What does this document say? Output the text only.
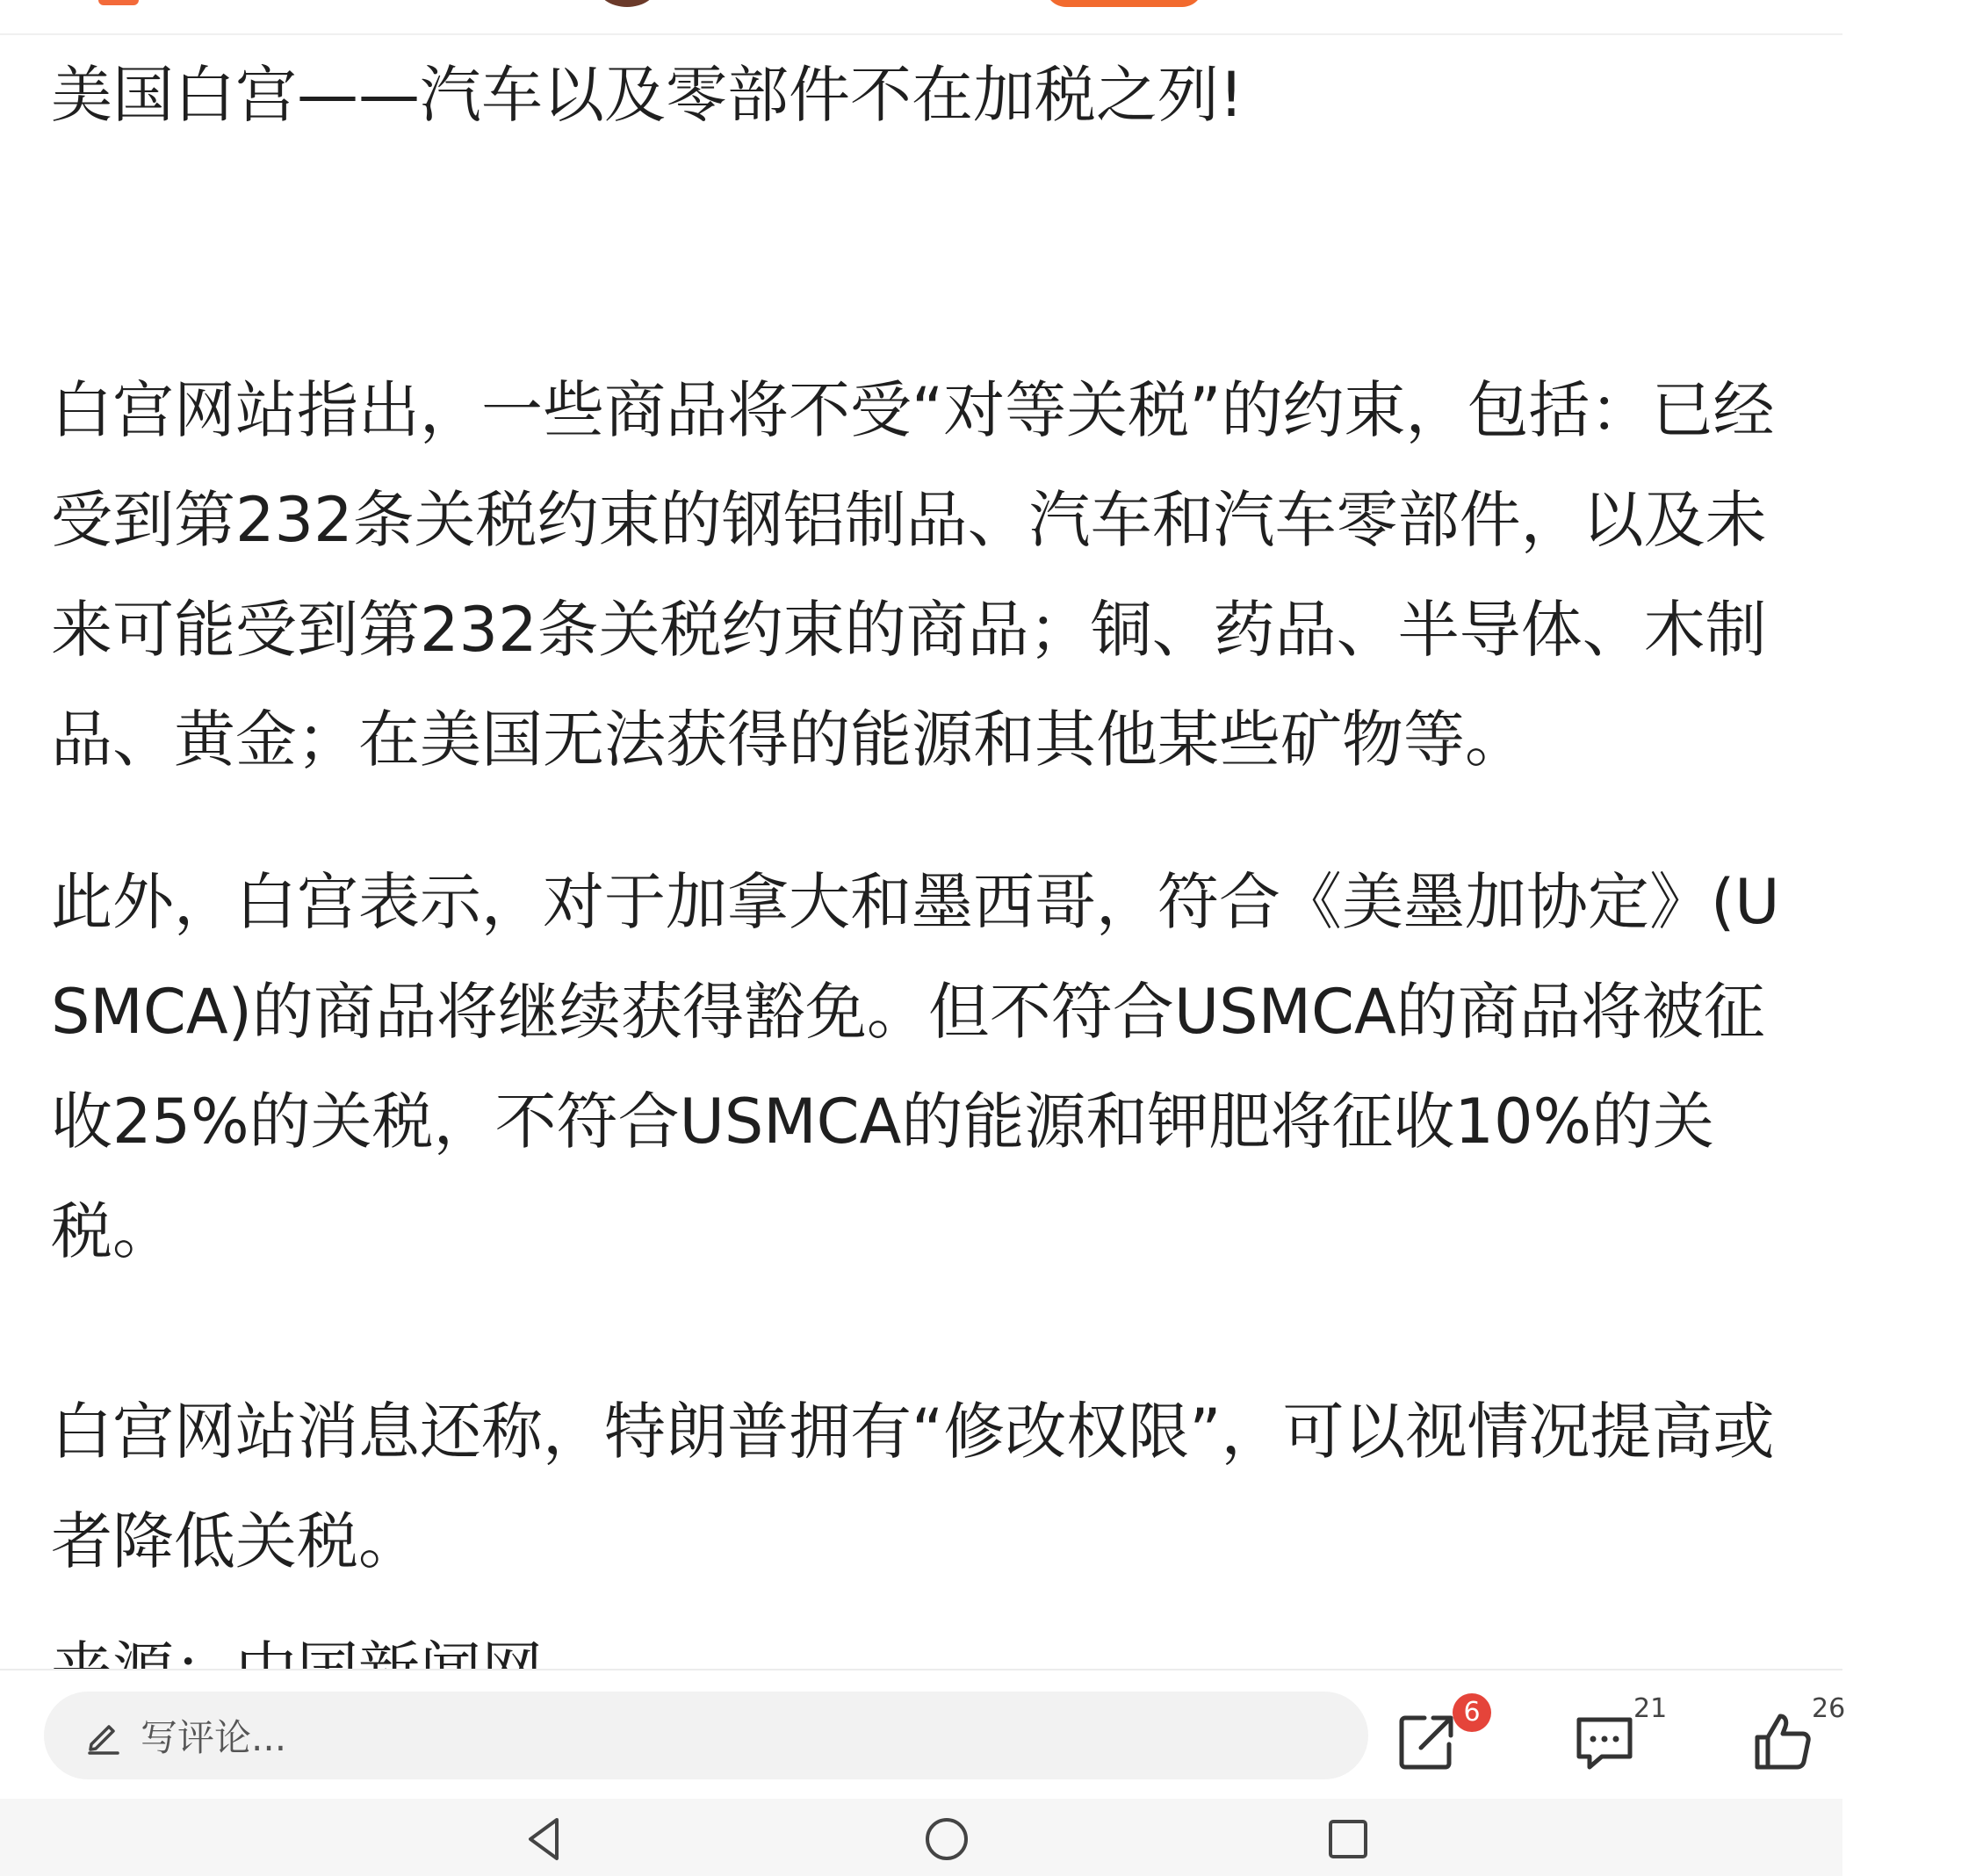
美国白宫——汽车以及零部件不在加税之列!
白宫网站指出，一些商品将不受“对等关税”的约束，包括：已经
受到第232条关税约束的钢铝制品、汽车和汽车零部件，以及未
来可能受到第232条关税约束的商品；铜、药品、半导体、木制
品、黄金；在美国无法获得的能源和其他某些矿物等。
此外，白宫表示，对于加拿大和墨西哥，符合《美墨加协定》(U
SMCA)的商品将继续获得豁免。但不符合USMCA的商品将被征
收25%的关税，不符合USMCA的能源和钾肥将征收10%的关
税。
白宫网站消息还称，特朗普拥有“修改权限”，可以视情况提高或
者降低关税。
写评论...
6	21	26
